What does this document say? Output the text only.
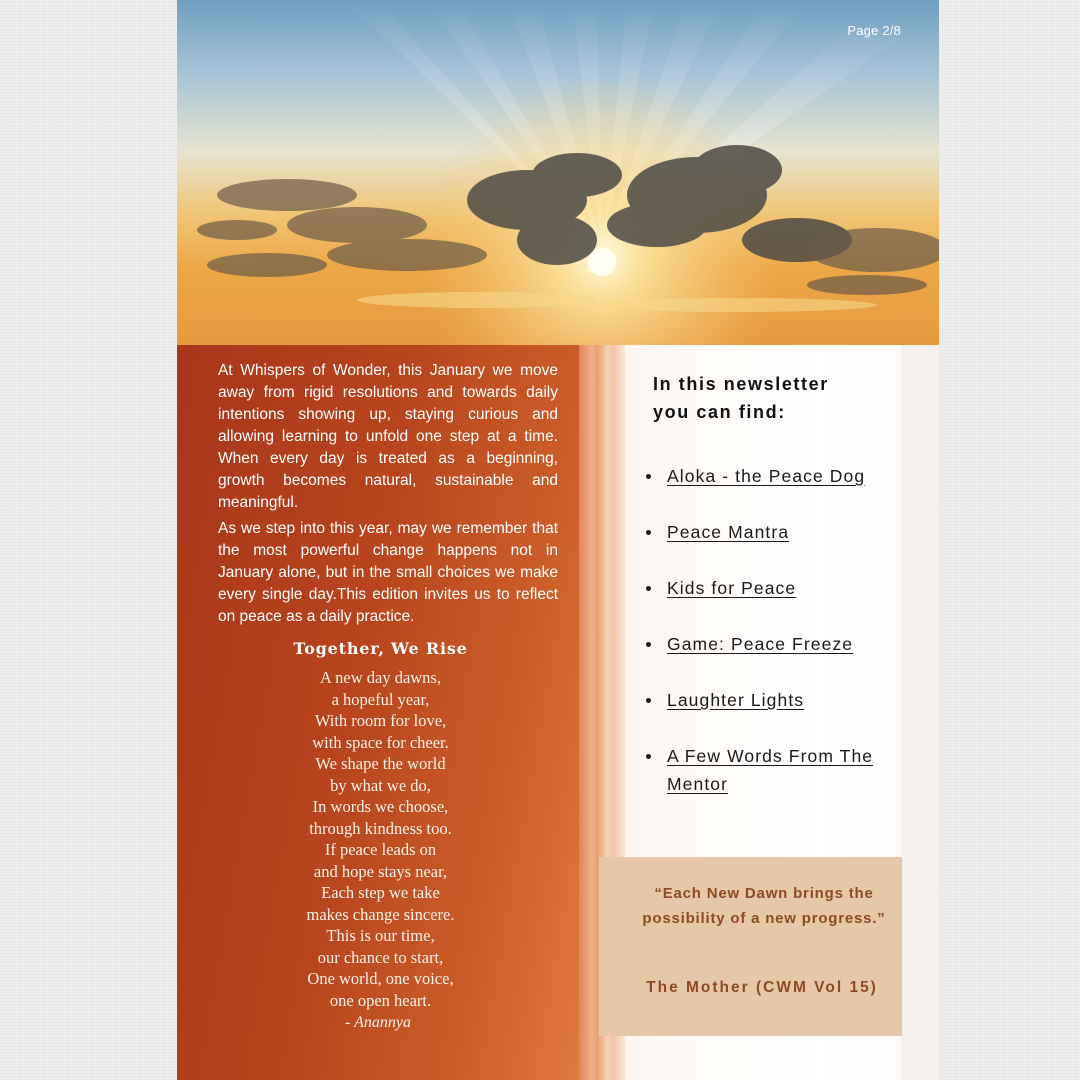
Page 2/8

At Whispers of Wonder, this January we move away from rigid resolutions and towards daily intentions showing up, staying curious and allowing learning to unfold one step at a time. When every day is treated as a beginning, growth becomes natural, sustainable and meaningful.

As we step into this year, may we remember that the most powerful change happens not in January alone, but in the small choices we make every single day.This edition invites us to reflect on peace as a daily practice.

Together, We Rise
A new day dawns,
a hopeful year,
With room for love,
with space for cheer.
We shape the world
by what we do,
In words we choose,
through kindness too.
If peace leads on
and hope stays near,
Each step we take
makes change sincere.
This is our time,
our chance to start,
One world, one voice,
one open heart.
- Anannya
In this newsletter
you can find:
Aloka - the Peace Dog
Peace Mantra
Kids for Peace
Game: Peace Freeze
Laughter Lights
A Few Words From The Mentor
“Each New Dawn brings the possibility of a new progress.”
The Mother (CWM Vol 15)
